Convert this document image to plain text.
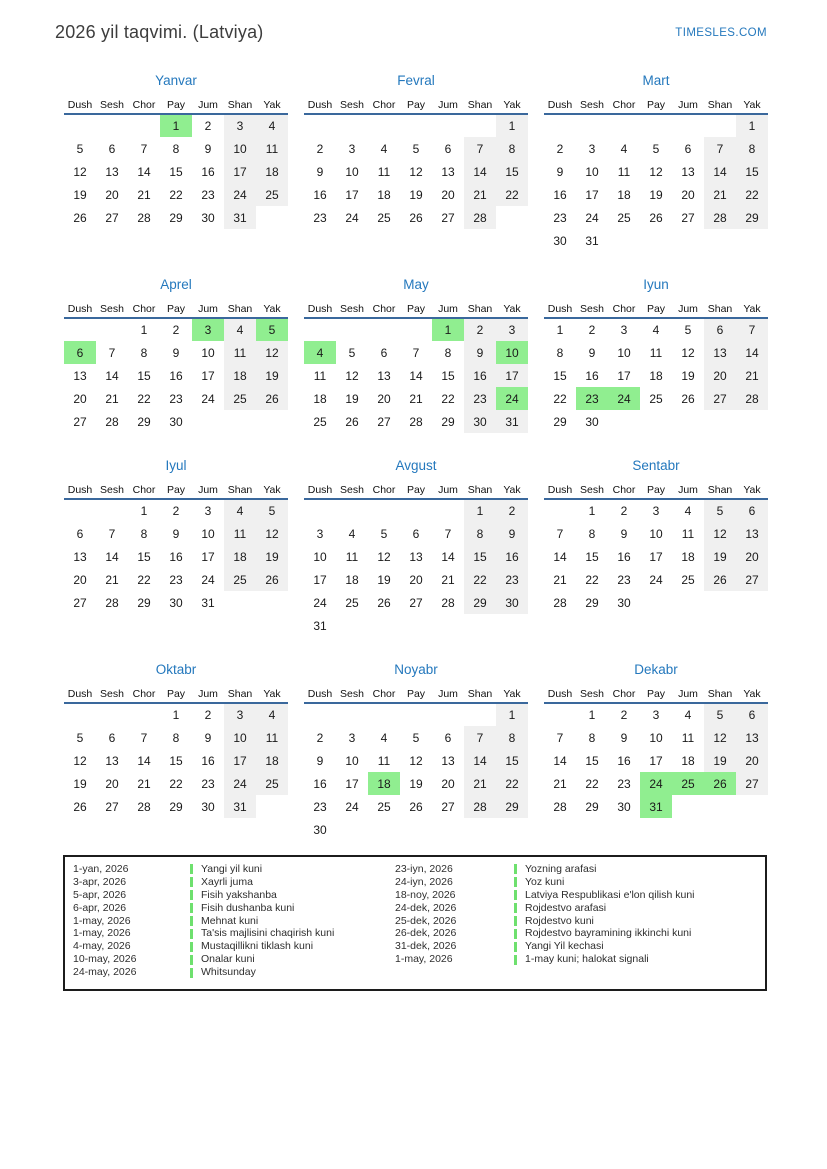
2026 yil taqvimi. (Latviya)	TIMESLES.COM
Yanvar
Dush	Sesh	Chor	Pay	Jum	Shan	Yak
			1	2	3	4
5	6	7	8	9	10	11
12	13	14	15	16	17	18
19	20	21	22	23	24	25
26	27	28	29	30	31	
Fevral
Dush	Sesh	Chor	Pay	Jum	Shan	Yak
						1
2	3	4	5	6	7	8
9	10	11	12	13	14	15
16	17	18	19	20	21	22
23	24	25	26	27	28	
Mart
Dush	Sesh	Chor	Pay	Jum	Shan	Yak
						1
2	3	4	5	6	7	8
9	10	11	12	13	14	15
16	17	18	19	20	21	22
23	24	25	26	27	28	29
30	31					
Aprel
Dush	Sesh	Chor	Pay	Jum	Shan	Yak
		1	2	3	4	5
6	7	8	9	10	11	12
13	14	15	16	17	18	19
20	21	22	23	24	25	26
27	28	29	30			
May
Dush	Sesh	Chor	Pay	Jum	Shan	Yak
				1	2	3
4	5	6	7	8	9	10
11	12	13	14	15	16	17
18	19	20	21	22	23	24
25	26	27	28	29	30	31
Iyun
Dush	Sesh	Chor	Pay	Jum	Shan	Yak
1	2	3	4	5	6	7
8	9	10	11	12	13	14
15	16	17	18	19	20	21
22	23	24	25	26	27	28
29	30					
Iyul
Dush	Sesh	Chor	Pay	Jum	Shan	Yak
		1	2	3	4	5
6	7	8	9	10	11	12
13	14	15	16	17	18	19
20	21	22	23	24	25	26
27	28	29	30	31		
Avgust
Dush	Sesh	Chor	Pay	Jum	Shan	Yak
					1	2
3	4	5	6	7	8	9
10	11	12	13	14	15	16
17	18	19	20	21	22	23
24	25	26	27	28	29	30
31						
Sentabr
Dush	Sesh	Chor	Pay	Jum	Shan	Yak
	1	2	3	4	5	6
7	8	9	10	11	12	13
14	15	16	17	18	19	20
21	22	23	24	25	26	27
28	29	30				
Oktabr
Dush	Sesh	Chor	Pay	Jum	Shan	Yak
			1	2	3	4
5	6	7	8	9	10	11
12	13	14	15	16	17	18
19	20	21	22	23	24	25
26	27	28	29	30	31	
Noyabr
Dush	Sesh	Chor	Pay	Jum	Shan	Yak
						1
2	3	4	5	6	7	8
9	10	11	12	13	14	15
16	17	18	19	20	21	22
23	24	25	26	27	28	29
30						
Dekabr
Dush	Sesh	Chor	Pay	Jum	Shan	Yak
	1	2	3	4	5	6
7	8	9	10	11	12	13
14	15	16	17	18	19	20
21	22	23	24	25	26	27
28	29	30	31			
1-yan, 2026	Yangi yil kuni
3-apr, 2026	Xayrli juma
5-apr, 2026	Fisih yakshanba
6-apr, 2026	Fisih dushanba kuni
1-may, 2026	Mehnat kuni
1-may, 2026	Ta'sis majlisini chaqirish kuni
4-may, 2026	Mustaqillikni tiklash kuni
10-may, 2026	Onalar kuni
24-may, 2026	Whitsunday
23-iyn, 2026	Yozning arafasi
24-iyn, 2026	Yoz kuni
18-noy, 2026	Latviya Respublikasi e'lon qilish kuni
24-dek, 2026	Rojdestvo arafasi
25-dek, 2026	Rojdestvo kuni
26-dek, 2026	Rojdestvo bayramining ikkinchi kuni
31-dek, 2026	Yangi Yil kechasi
1-may, 2026	1-may kuni; halokat signali
